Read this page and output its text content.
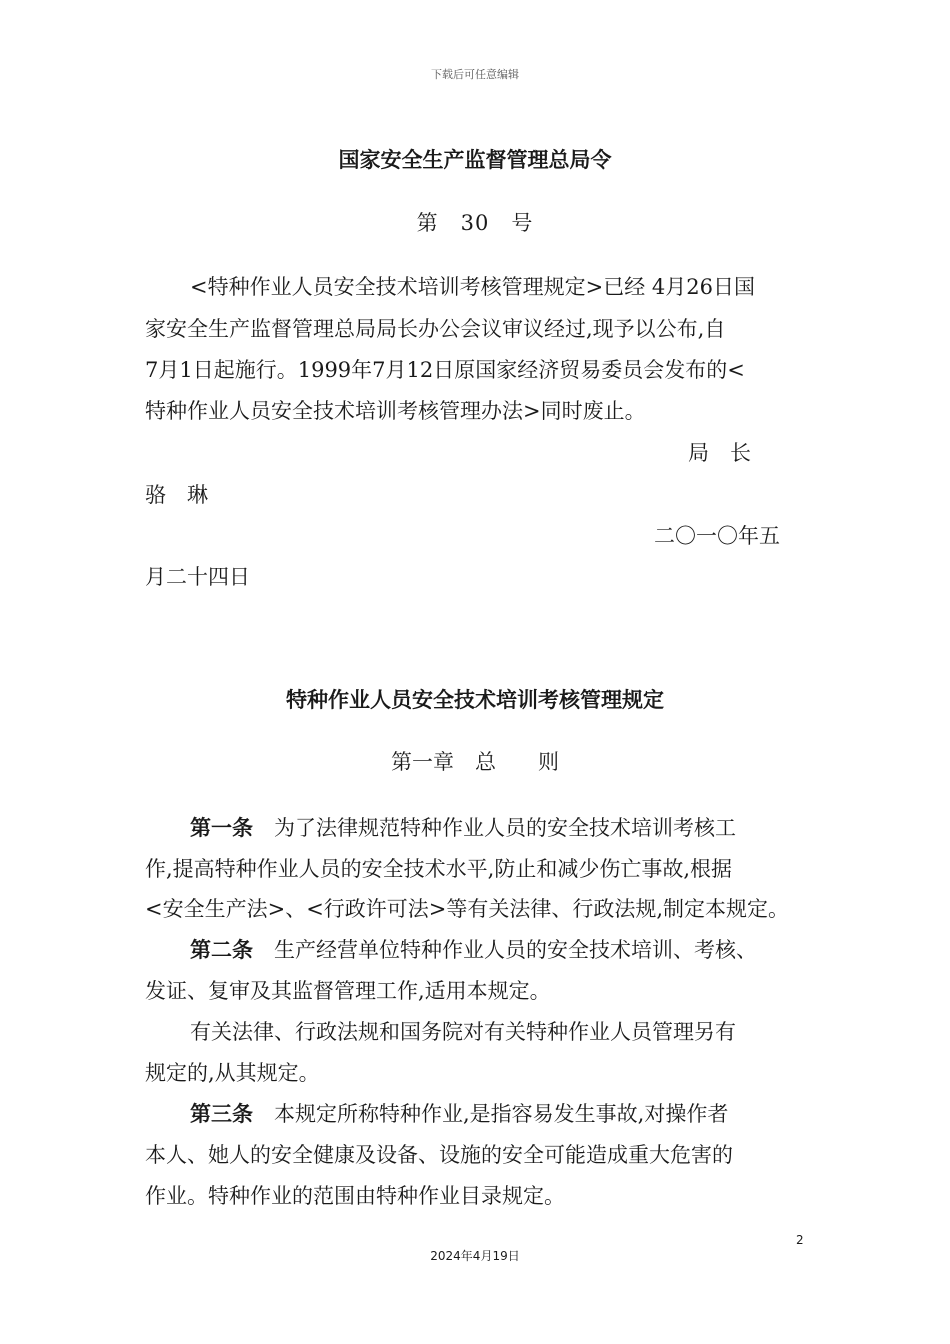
下载后可任意编辑
国家安全生产监督管理总局令
第 30 号
<特种作业人员安全技术培训考核管理规定>已经 4月26日国
家安全生产监督管理总局局长办公会议审议经过,现予以公布,自
7月1日起施行。1999年7月12日原国家经济贸易委员会发布的<
特种作业人员安全技术培训考核管理办法>同时废止。
局　长
骆　琳
二〇一〇年五
月二十四日
特种作业人员安全技术培训考核管理规定
第一章　总　　则
第一条　 为了法律规范特种作业人员的安全技术培训考核工
作,提高特种作业人员的安全技术水平,防止和减少伤亡事故,根据
<安全生产法>、<行政许可法>等有关法律、行政法规,制定本规定。
第二条　 生产经营单位特种作业人员的安全技术培训、考核、
发证、复审及其监督管理工作,适用本规定。
有关法律、行政法规和国务院对有关特种作业人员管理另有
规定的,从其规定。
第三条　 本规定所称特种作业,是指容易发生事故,对操作者
本人、她人的安全健康及设备、设施的安全可能造成重大危害的
作业。特种作业的范围由特种作业目录规定。
2
2024年4月19日
